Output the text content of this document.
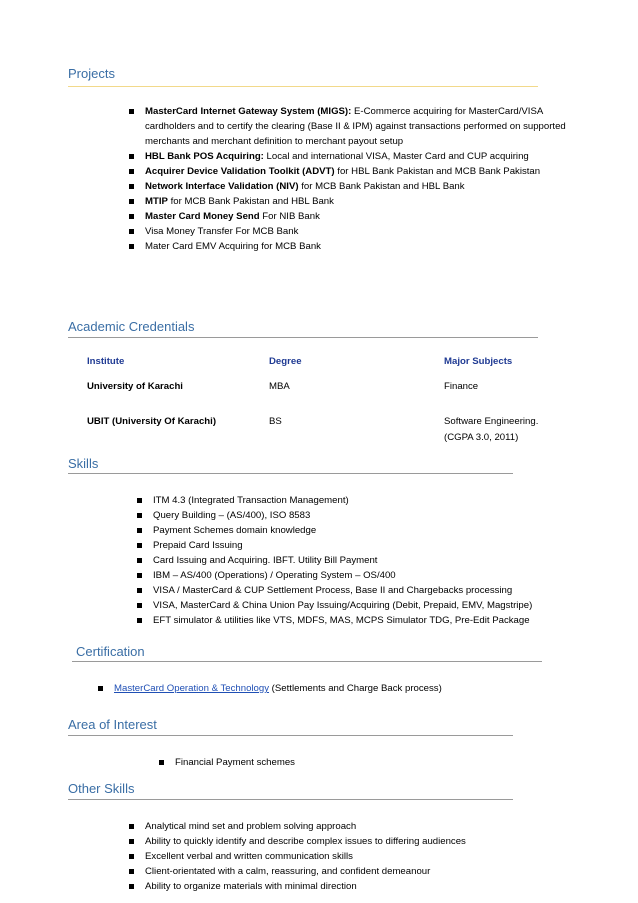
Projects
MasterCard Internet Gateway System (MIGS): E-Commerce acquiring for MasterCard/VISA cardholders and to certify the clearing (Base II & IPM) against transactions performed on supported merchants and merchant definition to merchant payout setup
HBL Bank POS Acquiring: Local and international VISA, Master Card and CUP acquiring
Acquirer Device Validation Toolkit (ADVT) for HBL Bank Pakistan and MCB Bank Pakistan
Network Interface Validation (NIV) for MCB Bank Pakistan and HBL Bank
MTIP for MCB Bank Pakistan and HBL Bank
Master Card Money Send For NIB Bank
Visa Money Transfer For MCB Bank
Mater Card EMV Acquiring for MCB Bank
Academic Credentials
Institute	Degree	Major Subjects
University of Karachi	MBA	Finance
UBIT (University Of Karachi)	BS	Software Engineering.
(CGPA 3.0, 2011)
Skills
ITM 4.3 (Integrated Transaction Management)
Query Building – (AS/400), ISO 8583
Payment Schemes domain knowledge
Prepaid Card Issuing
Card Issuing and Acquiring. IBFT. Utility Bill Payment
IBM – AS/400 (Operations) / Operating System – OS/400
VISA / MasterCard & CUP Settlement Process, Base II and Chargebacks processing
VISA, MasterCard & China Union Pay Issuing/Acquiring (Debit, Prepaid, EMV, Magstripe)
EFT simulator & utilities like VTS, MDFS, MAS, MCPS Simulator TDG, Pre-Edit Package
Certification
MasterCard Operation & Technology (Settlements and Charge Back process)
Area of Interest
Financial Payment schemes
Other Skills
Analytical mind set and problem solving approach
Ability to quickly identify and describe complex issues to differing audiences
Excellent verbal and written communication skills
Client-orientated with a calm, reassuring, and confident demeanour
Ability to organize materials with minimal direction
